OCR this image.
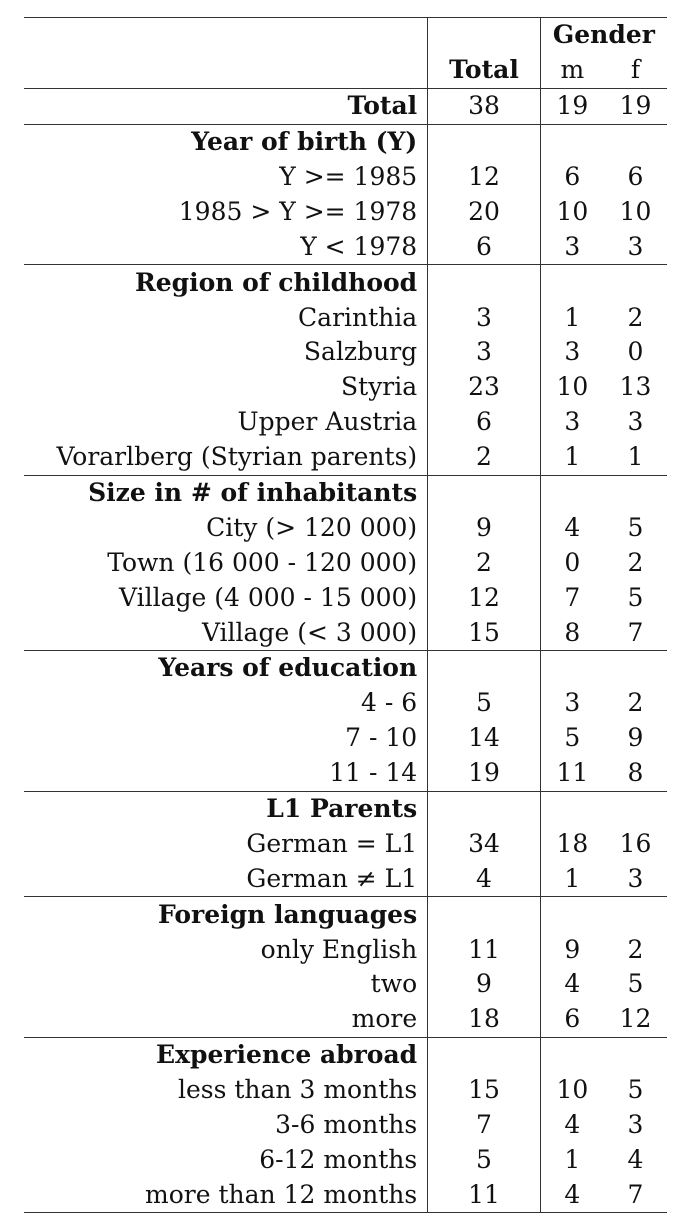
		Gender	
	Total	m	f
Total	38	19	19
Year of birth (Y)			
Y >= 1985	12	6	6
1985 > Y >= 1978	20	10	10
Y < 1978	6	3	3
Region of childhood			
Carinthia	3	1	2
Salzburg	3	3	0
Styria	23	10	13
Upper Austria	6	3	3
Vorarlberg (Styrian parents)	2	1	1
Size in # of inhabitants			
City (> 120 000)	9	4	5
Town (16 000 - 120 000)	2	0	2
Village (4 000 - 15 000)	12	7	5
Village (< 3 000)	15	8	7
Years of education			
4 - 6	5	3	2
7 - 10	14	5	9
11 - 14	19	11	8
L1 Parents			
German = L1	34	18	16
German ≠ L1	4	1	3
Foreign languages			
only English	11	9	2
two	9	4	5
more	18	6	12
Experience abroad			
less than 3 months	15	10	5
3-6 months	7	4	3
6-12 months	5	1	4
more than 12 months	11	4	7
